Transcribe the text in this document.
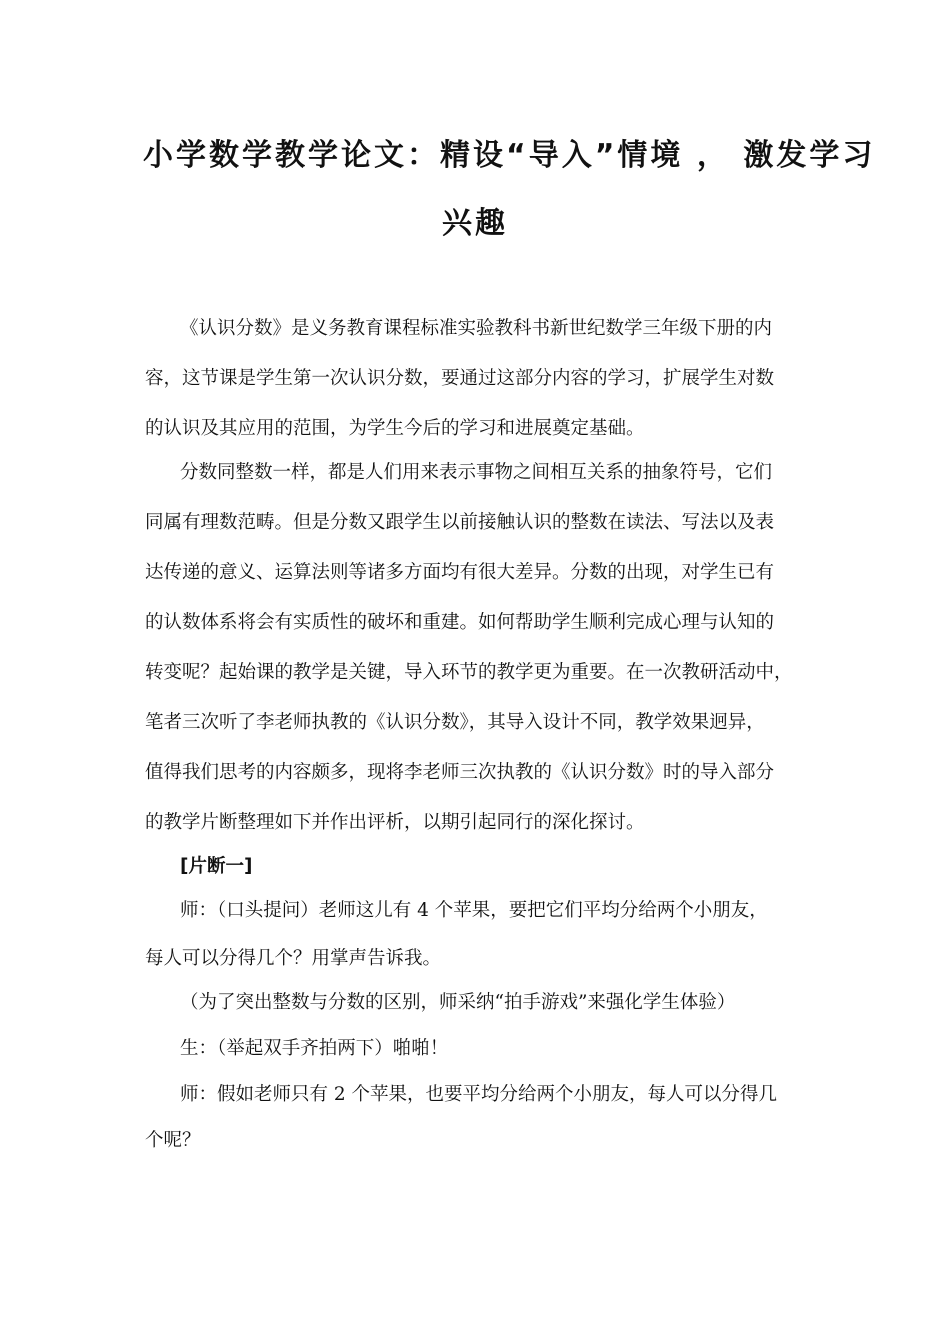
小学数学教学论文：精设“导入”情境 ， 激发学习
兴趣

《认识分数》是义务教育课程标准实验教科书新世纪数学三年级下册的内

容，这节课是学生第一次认识分数，要通过这部分内容的学习，扩展学生对数

的认识及其应用的范围，为学生今后的学习和进展奠定基础。

分数同整数一样，都是人们用来表示事物之间相互关系的抽象符号，它们

同属有理数范畴。但是分数又跟学生以前接触认识的整数在读法、写法以及表

达传递的意义、运算法则等诸多方面均有很大差异。分数的出现，对学生已有

的认数体系将会有实质性的破坏和重建。如何帮助学生顺利完成心理与认知的

转变呢？起始课的教学是关键，导入环节的教学更为重要。在一次教研活动中，

笔者三次听了李老师执教的《认识分数》，其导入设计不同，教学效果迥异，

值得我们思考的内容颇多，现将李老师三次执教的《认识分数》时的导入部分

的教学片断整理如下并作出评析，以期引起同行的深化探讨。

[片断一]

师：（口头提问）老师这儿有 4 个苹果，要把它们平均分给两个小朋友，

每人可以分得几个？用掌声告诉我。

（为了突出整数与分数的区别，师采纳“拍手游戏”来强化学生体验）

生：（举起双手齐拍两下）啪啪！

师：假如老师只有 2 个苹果，也要平均分给两个小朋友，每人可以分得几

个呢？
